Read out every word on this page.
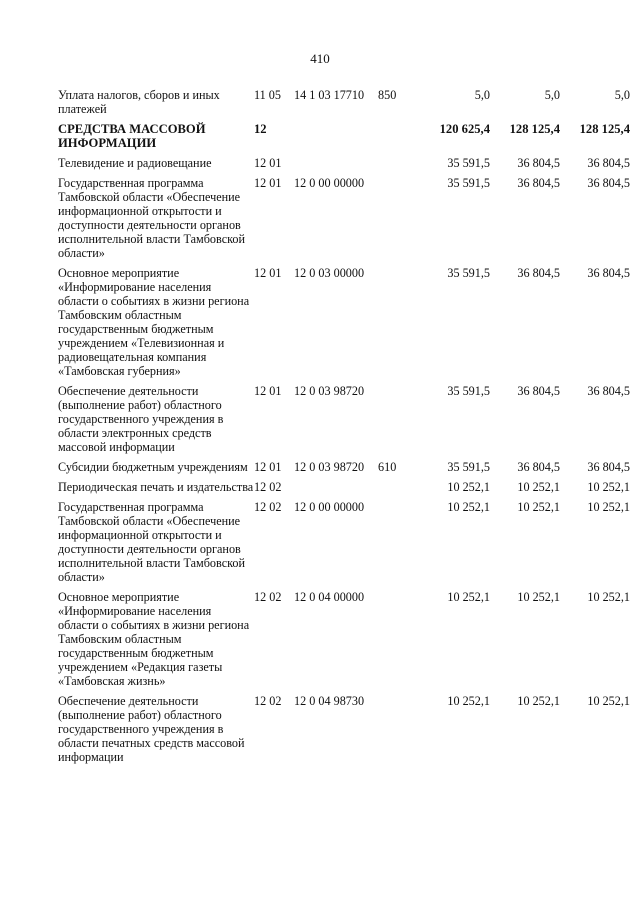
410
Уплата налогов, сборов и иных платежей	11 05	14 1 03 17710	850	5,0	5,0	5,0

СРЕДСТВА МАССОВОЙ ИНФОРМАЦИИ	12			120 625,4	128 125,4	128 125,4

Телевидение и радиовещание	12 01			35 591,5	36 804,5	36 804,5

Государственная программа Тамбовской области «Обеспечение информационной открытости и доступности деятельности органов исполнительной власти Тамбовской области»	12 01	12 0 00 00000		35 591,5	36 804,5	36 804,5

Основное мероприятие «Информирование населения области о событиях в жизни региона Тамбовским областным государственным бюджетным учреждением «Телевизионная и радиовещательная компания «Тамбовская губерния»	12 01	12 0 03 00000		35 591,5	36 804,5	36 804,5

Обеспечение деятельности (выполнение работ) областного государственного учреждения в области электронных средств массовой информации	12 01	12 0 03 98720		35 591,5	36 804,5	36 804,5

Субсидии бюджетным учреждениям	12 01	12 0 03 98720	610	35 591,5	36 804,5	36 804,5

Периодическая печать и издательства	12 02			10 252,1	10 252,1	10 252,1

Государственная программа Тамбовской области «Обеспечение информационной открытости и доступности деятельности органов исполнительной власти Тамбовской области»	12 02	12 0 00 00000		10 252,1	10 252,1	10 252,1

Основное мероприятие «Информирование населения области о событиях в жизни региона Тамбовским областным государственным бюджетным учреждением «Редакция газеты «Тамбовская жизнь»	12 02	12 0 04 00000		10 252,1	10 252,1	10 252,1

Обеспечение деятельности (выполнение работ) областного государственного учреждения в области печатных средств массовой информации	12 02	12 0 04 98730		10 252,1	10 252,1	10 252,1
